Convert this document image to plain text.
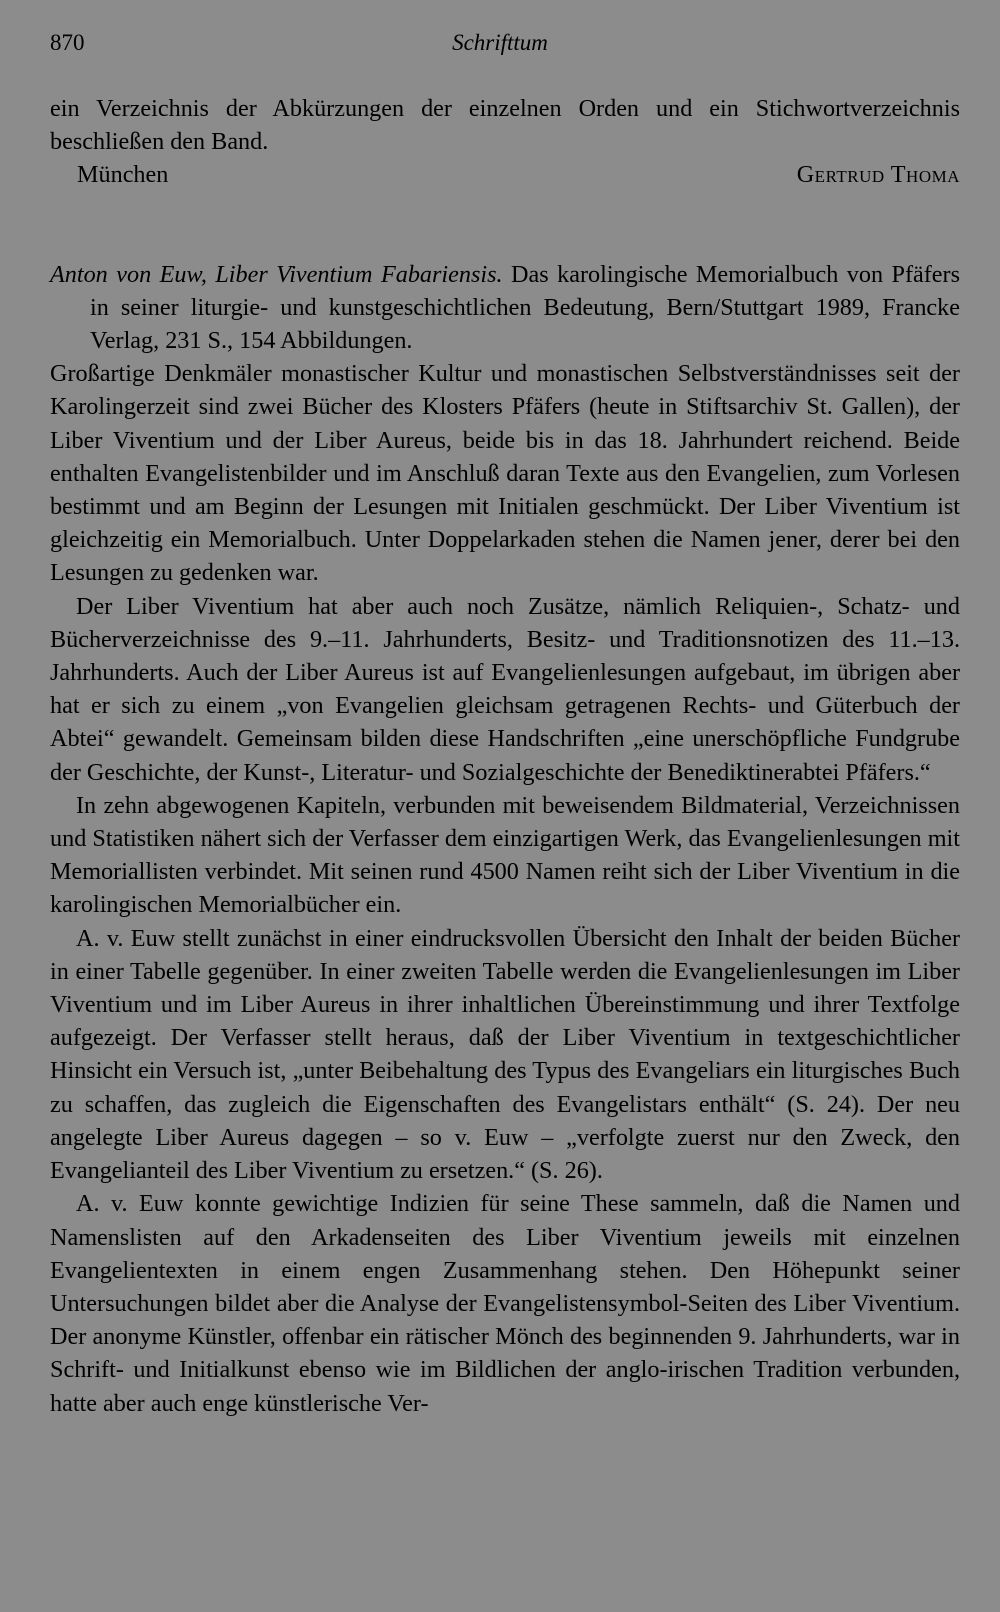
870	Schrifttum

ein Verzeichnis der Abkürzungen der einzelnen Orden und ein Stichwortverzeichnis beschließen den Band.

München	Gertrud Thoma

Anton von Euw, Liber Viventium Fabariensis. Das karolingische Memorialbuch von Pfäfers in seiner liturgie- und kunstgeschichtlichen Bedeutung, Bern/Stuttgart 1989, Francke Verlag, 231 S., 154 Abbildungen.

Großartige Denkmäler monastischer Kultur und monastischen Selbstverständnisses seit der Karolingerzeit sind zwei Bücher des Klosters Pfäfers (heute in Stiftsarchiv St. Gallen), der Liber Viventium und der Liber Aureus, beide bis in das 18. Jahrhundert reichend. Beide enthalten Evangelistenbilder und im Anschluß daran Texte aus den Evangelien, zum Vorlesen bestimmt und am Beginn der Lesungen mit Initialen geschmückt. Der Liber Viventium ist gleichzeitig ein Memorialbuch. Unter Doppelarkaden stehen die Namen jener, derer bei den Lesungen zu gedenken war.

Der Liber Viventium hat aber auch noch Zusätze, nämlich Reliquien-, Schatz- und Bücherverzeichnisse des 9.–11. Jahrhunderts, Besitz- und Traditionsnotizen des 11.–13. Jahrhunderts. Auch der Liber Aureus ist auf Evangelienlesungen aufgebaut, im übrigen aber hat er sich zu einem „von Evangelien gleichsam getragenen Rechts- und Güterbuch der Abtei“ gewandelt. Gemeinsam bilden diese Handschriften „eine unerschöpfliche Fundgrube der Geschichte, der Kunst-, Literatur- und Sozialgeschichte der Benediktinerabtei Pfäfers.“

In zehn abgewogenen Kapiteln, verbunden mit beweisendem Bildmaterial, Verzeichnissen und Statistiken nähert sich der Verfasser dem einzigartigen Werk, das Evangelienlesungen mit Memoriallisten verbindet. Mit seinen rund 4500 Namen reiht sich der Liber Viventium in die karolingischen Memorialbücher ein.

A. v. Euw stellt zunächst in einer eindrucksvollen Übersicht den Inhalt der beiden Bücher in einer Tabelle gegenüber. In einer zweiten Tabelle werden die Evangelienlesungen im Liber Viventium und im Liber Aureus in ihrer inhaltlichen Übereinstimmung und ihrer Textfolge aufgezeigt. Der Verfasser stellt heraus, daß der Liber Viventium in textgeschichtlicher Hinsicht ein Versuch ist, „unter Beibehaltung des Typus des Evangeliars ein liturgisches Buch zu schaffen, das zugleich die Eigenschaften des Evangelistars enthält“ (S. 24). Der neu angelegte Liber Aureus dagegen – so v. Euw – „verfolgte zuerst nur den Zweck, den Evangelianteil des Liber Viventium zu ersetzen.“ (S. 26).

A. v. Euw konnte gewichtige Indizien für seine These sammeln, daß die Namen und Namenslisten auf den Arkadenseiten des Liber Viventium jeweils mit einzelnen Evangelientexten in einem engen Zusammenhang stehen. Den Höhepunkt seiner Untersuchungen bildet aber die Analyse der Evangelistensymbol-Seiten des Liber Viventium. Der anonyme Künstler, offenbar ein rätischer Mönch des beginnenden 9. Jahrhunderts, war in Schrift- und Initialkunst ebenso wie im Bildlichen der anglo-irischen Tradition verbunden, hatte aber auch enge künstlerische Ver-
